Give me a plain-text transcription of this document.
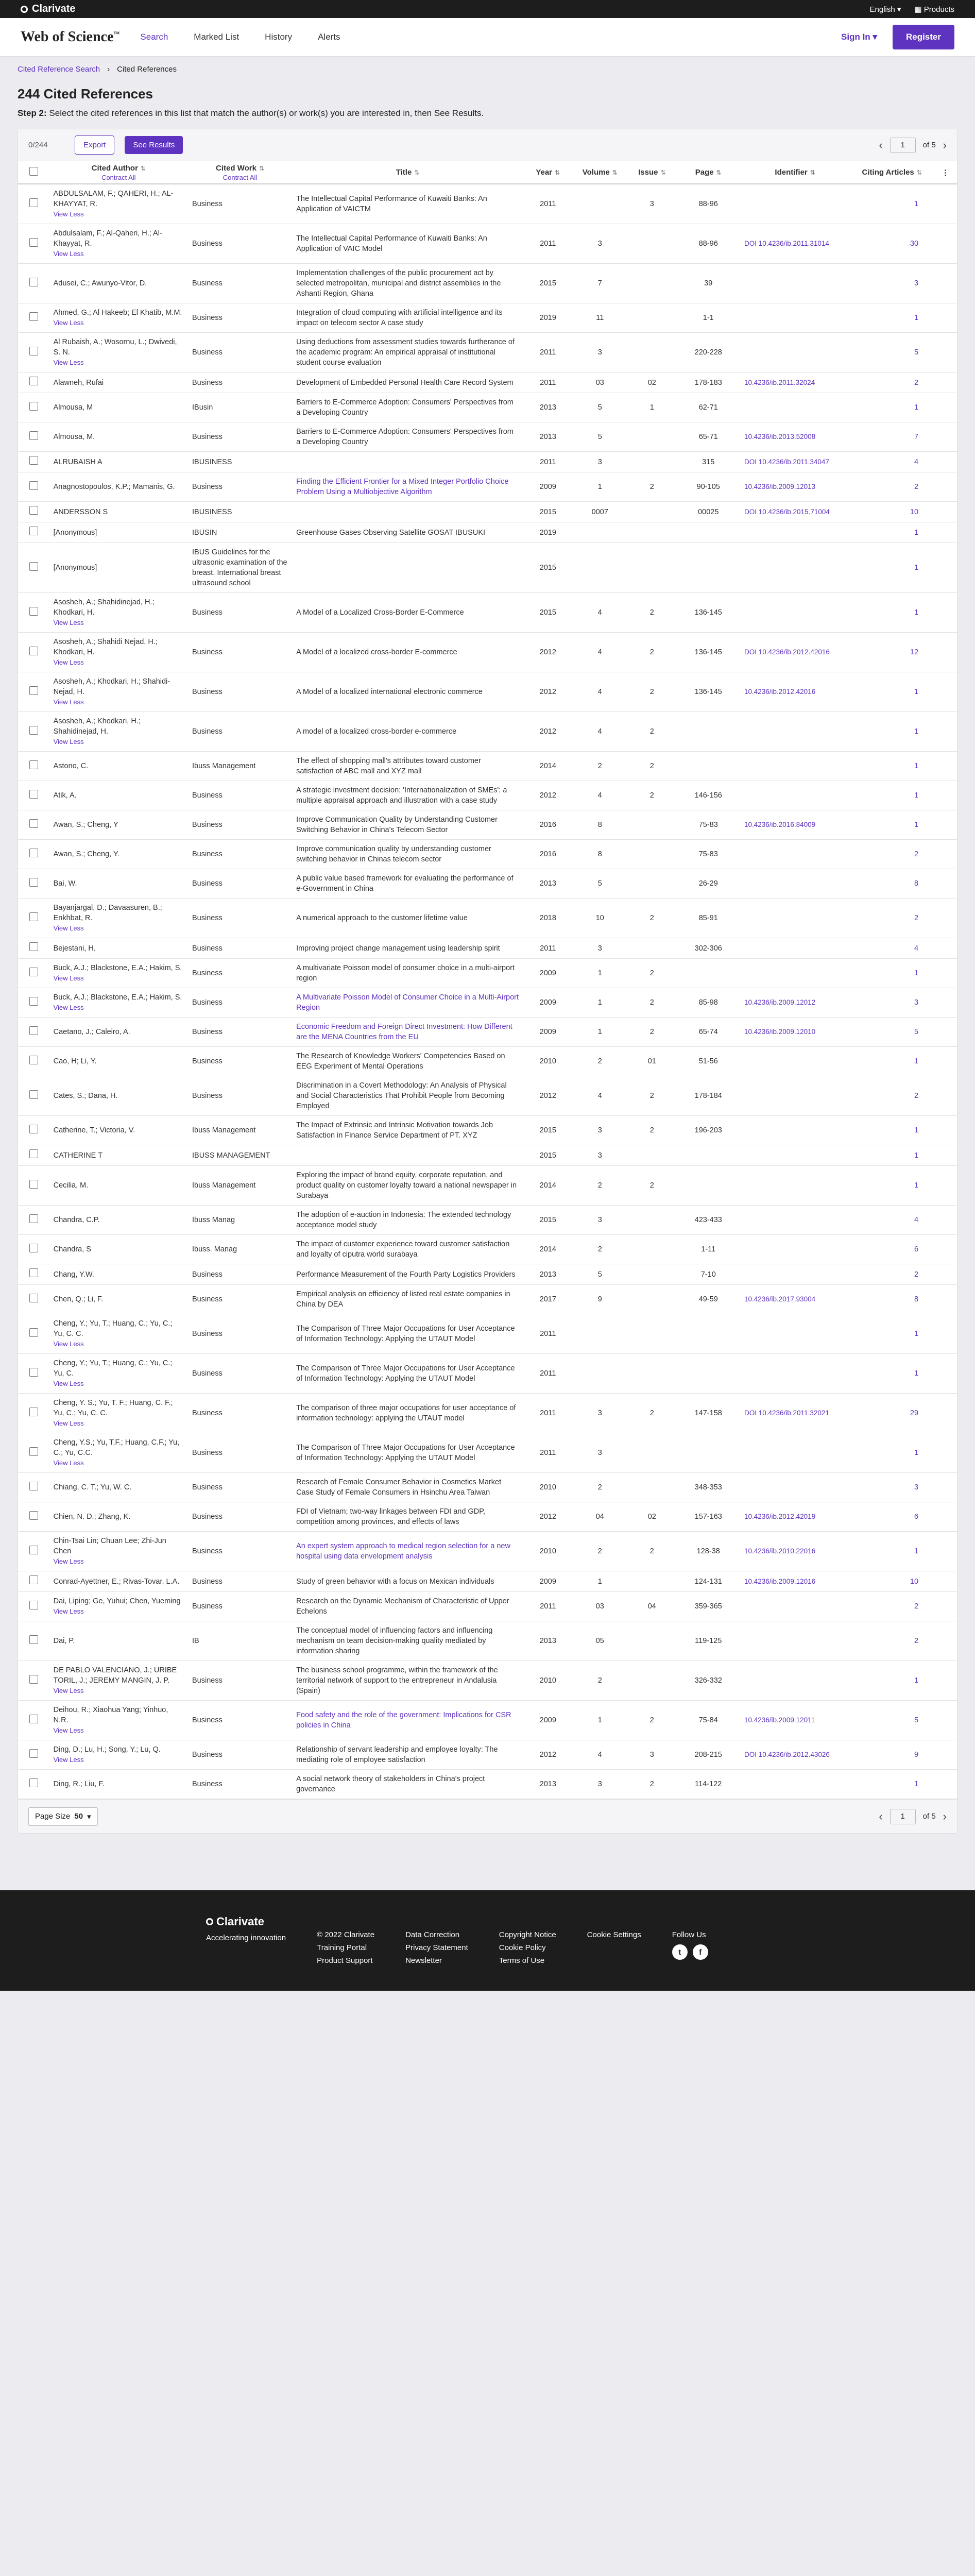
Clarivate	English ▾ ▦ Products
Web of Science™ Search	Marked List	History	Alerts	Sign In ▾	Register
Cited Reference Search › Cited References
244 Cited References
Step 2: Select the cited references in this list that match the author(s) or work(s) you are interested in, then See Results.
0/244	Export	See Results	‹	1	of 5 ›
	Cited Author ⇅
Contract All	Cited Work ⇅
Contract All	Title ⇅	Year ⇅	Volume ⇅	Issue ⇅	Page ⇅	Identifier ⇅	Citing Articles ⇅	⋮
	ABDULSALAM, F.; QAHERI, H.; AL-KHAYYAT, R.
View Less	Business	The Intellectual Capital Performance of Kuwaiti Banks: An Application of VAICTM	2011		3	88-96		1	
	Abdulsalam, F.; Al-Qaheri, H.; Al-Khayyat, R.
View Less	Business	The Intellectual Capital Performance of Kuwaiti Banks: An Application of VAIC Model	2011	3		88-96	DOI 10.4236/ib.2011.31014	30	
	Adusei, C.; Awunyo-Vitor, D.	Business	Implementation challenges of the public procurement act by selected metropolitan, municipal and district assemblies in the Ashanti Region, Ghana	2015	7		39		3	
	Ahmed, G.; Al Hakeeb; El Khatib, M.M.
View Less	Business	Integration of cloud computing with artificial intelligence and its impact on telecom sector A case study	2019	11		1-1		1	
	Al Rubaish, A.; Wosornu, L.; Dwivedi, S. N.
View Less	Business	Using deductions from assessment studies towards furtherance of the academic program: An empirical appraisal of institutional student course evaluation	2011	3		220-228		5	
	Alawneh, Rufai	Business	Development of Embedded Personal Health Care Record System	2011	03	02	178-183	10.4236/ib.2011.32024	2	
	Almousa, M	IBusin	Barriers to E-Commerce Adoption: Consumers' Perspectives from a Developing Country	2013	5	1	62-71		1	
	Almousa, M.	Business	Barriers to E-Commerce Adoption: Consumers' Perspectives from a Developing Country	2013	5		65-71	10.4236/ib.2013.52008	7	
	ALRUBAISH A	IBUSINESS		2011	3		315	DOI 10.4236/ib.2011.34047	4	
	Anagnostopoulos, K.P.; Mamanis, G.	Business	Finding the Efficient Frontier for a Mixed Integer Portfolio Choice Problem Using a Multiobjective Algorithm	2009	1	2	90-105	10.4236/ib.2009.12013	2	
	ANDERSSON S	IBUSINESS		2015	0007		00025	DOI 10.4236/ib.2015.71004	10	
	[Anonymous]	IBUSIN	Greenhouse Gases Observing Satellite GOSAT IBUSUKI	2019					1	
	[Anonymous]	IBUS Guidelines for the ultrasonic examination of the breast. International breast ultrasound school		2015					1	
	Asosheh, A.; Shahidinejad, H.; Khodkari, H.
View Less	Business	A Model of a Localized Cross-Border E-Commerce	2015	4	2	136-145		1	
	Asosheh, A.; Shahidi Nejad, H.; Khodkari, H.
View Less	Business	A Model of a localized cross-border E-commerce	2012	4	2	136-145	DOI 10.4236/ib.2012.42016	12	
	Asosheh, A.; Khodkari, H.; Shahidi-Nejad, H.
View Less	Business	A Model of a localized international electronic commerce	2012	4	2	136-145	10.4236/ib.2012.42016	1	
	Asosheh, A.; Khodkari, H.; Shahidinejad, H.
View Less	Business	A model of a localized cross-border e-commerce	2012	4	2			1	
	Astono, C.	Ibuss Management	The effect of shopping mall's attributes toward customer satisfaction of ABC mall and XYZ mall	2014	2	2			1	
	Atik, A.	Business	A strategic investment decision: 'Internationalization of SMEs': a multiple appraisal approach and illustration with a case study	2012	4	2	146-156		1	
	Awan, S.; Cheng, Y	Business	Improve Communication Quality by Understanding Customer Switching Behavior in China's Telecom Sector	2016	8		75-83	10.4236/ib.2016.84009	1	
	Awan, S.; Cheng, Y.	Business	Improve communication quality by understanding customer switching behavior in Chinas telecom sector	2016	8		75-83		2	
	Bai, W.	Business	A public value based framework for evaluating the performance of e-Government in China	2013	5		26-29		8	
	Bayanjargal, D.; Davaasuren, B.; Enkhbat, R.
View Less	Business	A numerical approach to the customer lifetime value	2018	10	2	85-91		2	
	Bejestani, H.	Business	Improving project change management using leadership spirit	2011	3		302-306		4	
	Buck, A.J.; Blackstone, E.A.; Hakim, S.
View Less	Business	A multivariate Poisson model of consumer choice in a multi-airport region	2009	1	2			1	
	Buck, A.J.; Blackstone, E.A.; Hakim, S.
View Less	Business	A Multivariate Poisson Model of Consumer Choice in a Multi-Airport Region	2009	1	2	85-98	10.4236/ib.2009.12012	3	
	Caetano, J.; Caleiro, A.	Business	Economic Freedom and Foreign Direct Investment: How Different are the MENA Countries from the EU	2009	1	2	65-74	10.4236/ib.2009.12010	5	
	Cao, H; Li, Y.	Business	The Research of Knowledge Workers' Competencies Based on EEG Experiment of Mental Operations	2010	2	01	51-56		1	
	Cates, S.; Dana, H.	Business	Discrimination in a Covert Methodology: An Analysis of Physical and Social Characteristics That Prohibit People from Becoming Employed	2012	4	2	178-184		2	
	Catherine, T.; Victoria, V.	Ibuss Management	The Impact of Extrinsic and Intrinsic Motivation towards Job Satisfaction in Finance Service Department of PT. XYZ	2015	3	2	196-203		1	
	CATHERINE T	IBUSS MANAGEMENT		2015	3				1	
	Cecilia, M.	Ibuss Management	Exploring the impact of brand equity, corporate reputation, and product quality on customer loyalty toward a national newspaper in Surabaya	2014	2	2			1	
	Chandra, C.P.	Ibuss Manag	The adoption of e-auction in Indonesia: The extended technology acceptance model study	2015	3		423-433		4	
	Chandra, S	Ibuss. Manag	The impact of customer experience toward customer satisfaction and loyalty of ciputra world surabaya	2014	2		1-11		6	
	Chang, Y.W.	Business	Performance Measurement of the Fourth Party Logistics Providers	2013	5		7-10		2	
	Chen, Q.; Li, F.	Business	Empirical analysis on efficiency of listed real estate companies in China by DEA	2017	9		49-59	10.4236/ib.2017.93004	8	
	Cheng, Y.; Yu, T.; Huang, C.; Yu, C.; Yu, C. C.
View Less	Business	The Comparison of Three Major Occupations for User Acceptance of Information Technology: Applying the UTAUT Model	2011					1	
	Cheng, Y.; Yu, T.; Huang, C.; Yu, C.; Yu, C.
View Less	Business	The Comparison of Three Major Occupations for User Acceptance of Information Technology: Applying the UTAUT Model	2011					1	
	Cheng, Y. S.; Yu, T. F.; Huang, C. F.; Yu, C.; Yu, C. C.
View Less	Business	The comparison of three major occupations for user acceptance of information technology: applying the UTAUT model	2011	3	2	147-158	DOI 10.4236/ib.2011.32021	29	
	Cheng, Y.S.; Yu, T.F.; Huang, C.F.; Yu, C.; Yu, C.C.
View Less	Business	The Comparison of Three Major Occupations for User Acceptance of Information Technology: Applying the UTAUT Model	2011	3				1	
	Chiang, C. T.; Yu, W. C.	Business	Research of Female Consumer Behavior in Cosmetics Market Case Study of Female Consumers in Hsinchu Area Taiwan	2010	2		348-353		3	
	Chien, N. D.; Zhang, K.	Business	FDI of Vietnam; two-way linkages between FDI and GDP, competition among provinces, and effects of laws	2012	04	02	157-163	10.4236/ib.2012.42019	6	
	Chin-Tsai Lin; Chuan Lee; Zhi-Jun Chen
View Less	Business	An expert system approach to medical region selection for a new hospital using data envelopment analysis	2010	2	2	128-38	10.4236/ib.2010.22016	1	
	Conrad-Ayettner, E.; Rivas-Tovar, L.A.	Business	Study of green behavior with a focus on Mexican individuals	2009	1		124-131	10.4236/ib.2009.12016	10	
	Dai, Liping; Ge, Yuhui; Chen, Yueming
View Less	Business	Research on the Dynamic Mechanism of Characteristic of Upper Echelons	2011	03	04	359-365		2	
	Dai, P.	IB	The conceptual model of influencing factors and influencing mechanism on team decision-making quality mediated by information sharing	2013	05		119-125		2	
	DE PABLO VALENCIANO, J.; URIBE TORIL, J.; JEREMY MANGIN, J. P.
View Less	Business	The business school programme, within the framework of the territorial network of support to the entrepreneur in Andalusia (Spain)	2010	2		326-332		1	
	Deihou, R.; Xiaohua Yang; Yinhuo, N.R.
View Less	Business	Food safety and the role of the government: Implications for CSR policies in China	2009	1	2	75-84	10.4236/ib.2009.12011	5	
	Ding, D.; Lu, H.; Song, Y.; Lu, Q.
View Less	Business	Relationship of servant leadership and employee loyalty: The mediating role of employee satisfaction	2012	4	3	208-215	DOI 10.4236/ib.2012.43026	9	
	Ding, R.; Liu, F.	Business	A social network theory of stakeholders in China's project governance	2013	3	2	114-122		1	
Page Size 50 ▾	‹	1	of 5 ›
Clarivate
Accelerating innovation	© 2022 Clarivate
Training Portal
Product Support
Data Correction
Privacy Statement
Newsletter
Copyright Notice
Cookie Policy
Terms of Use
Cookie Settings	Follow Us
t	f
